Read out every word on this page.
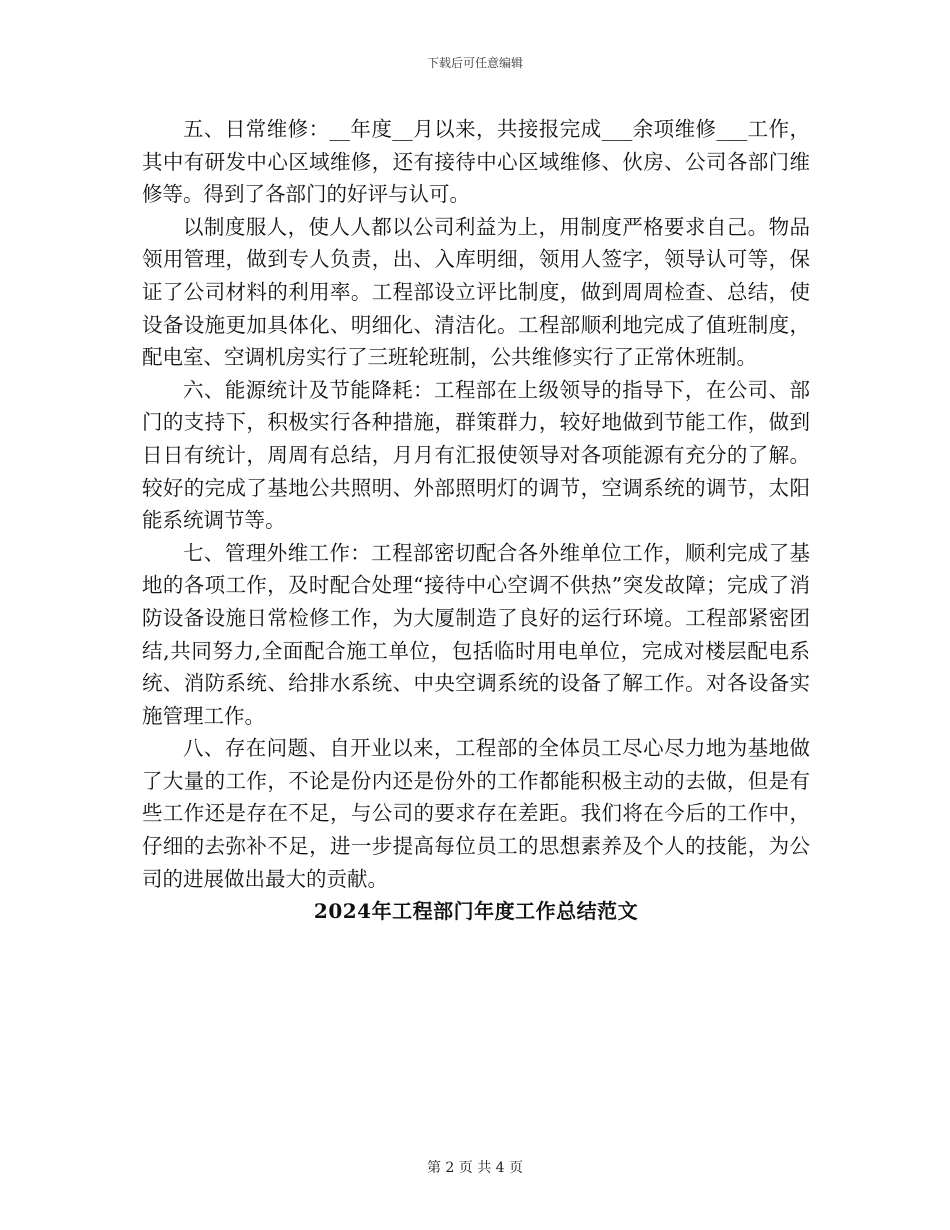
下载后可任意编辑

五、日常维修：__年度__月以来，共接报完成___余项维修___工作，其中有研发中心区域维修，还有接待中心区域维修、伙房、公司各部门维修等。得到了各部门的好评与认可。

以制度服人，使人人都以公司利益为上，用制度严格要求自己。物品领用管理，做到专人负责，出、入库明细，领用人签字，领导认可等，保证了公司材料的利用率。工程部设立评比制度，做到周周检查、总结，使设备设施更加具体化、明细化、清洁化。工程部顺利地完成了值班制度，配电室、空调机房实行了三班轮班制，公共维修实行了正常休班制。

六、能源统计及节能降耗：工程部在上级领导的指导下，在公司、部门的支持下，积极实行各种措施，群策群力，较好地做到节能工作，做到日日有统计，周周有总结，月月有汇报使领导对各项能源有充分的了解。较好的完成了基地公共照明、外部照明灯的调节，空调系统的调节，太阳能系统调节等。

七、管理外维工作：工程部密切配合各外维单位工作，顺利完成了基地的各项工作，及时配合处理“接待中心空调不供热”突发故障；完成了消防设备设施日常检修工作，为大厦制造了良好的运行环境。工程部紧密团结,共同努力,全面配合施工单位，包括临时用电单位，完成对楼层配电系统、消防系统、给排水系统、中央空调系统的设备了解工作。对各设备实施管理工作。

八、存在问题、自开业以来，工程部的全体员工尽心尽力地为基地做了大量的工作，不论是份内还是份外的工作都能积极主动的去做，但是有些工作还是存在不足，与公司的要求存在差距。我们将在今后的工作中，仔细的去弥补不足，进一步提高每位员工的思想素养及个人的技能，为公司的进展做出最大的贡献。

2024年工程部门年度工作总结范文

第 2 页 共 4 页
